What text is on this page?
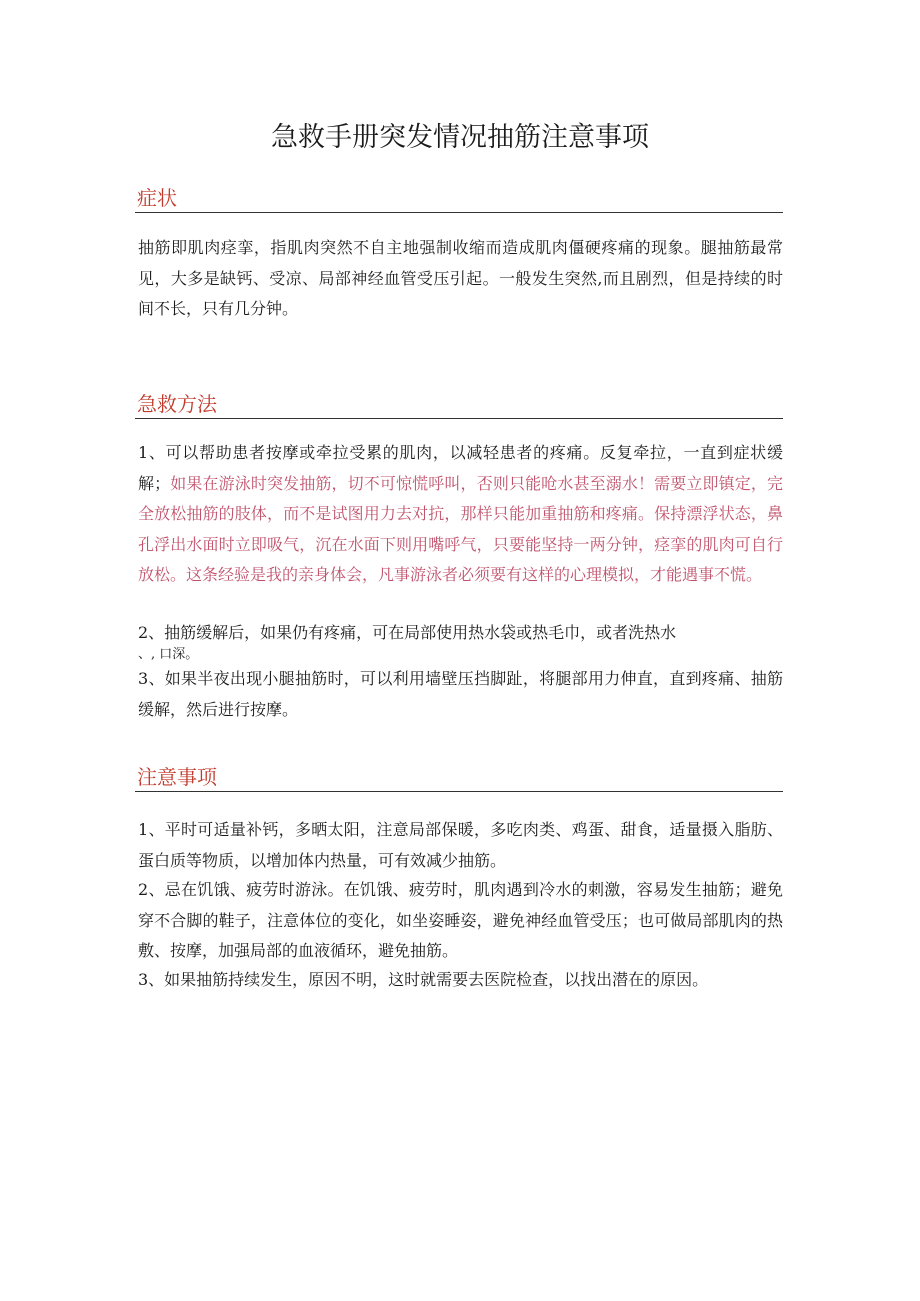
急救手册突发情况抽筋注意事项
症状

抽筋即肌肉痉挛，指肌肉突然不自主地强制收缩而造成肌肉僵硬疼痛的现象。腿抽筋最常见，大多是缺钙、受凉、局部神经血管受压引起。一般发生突然,而且剧烈，但是持续的时间不长，只有几分钟。

急救方法

1、可以帮助患者按摩或牵拉受累的肌肉，以减轻患者的疼痛。反复牵拉，一直到症状缓解；如果在游泳时突发抽筋，切不可惊慌呼叫，否则只能呛水甚至溺水！需要立即镇定，完全放松抽筋的肢体，而不是试图用力去对抗，那样只能加重抽筋和疼痛。保持漂浮状态，鼻孔浮出水面时立即吸气，沉在水面下则用嘴呼气，只要能坚持一两分钟，痉挛的肌肉可自行放松。这条经验是我的亲身体会，凡事游泳者必须要有这样的心理模拟，才能遇事不慌。

2、抽筋缓解后，如果仍有疼痛，可在局部使用热水袋或热毛巾，或者洗热水

、, 口深。

3、如果半夜出现小腿抽筋时，可以利用墙壁压挡脚趾，将腿部用力伸直，直到疼痛、抽筋缓解，然后进行按摩。

注意事项

1、平时可适量补钙，多晒太阳，注意局部保暖，多吃肉类、鸡蛋、甜食，适量摄入脂肪、蛋白质等物质，以增加体内热量，可有效减少抽筋。

2、忌在饥饿、疲劳时游泳。在饥饿、疲劳时，肌肉遇到冷水的刺激，容易发生抽筋；避免穿不合脚的鞋子，注意体位的变化，如坐姿睡姿，避免神经血管受压；也可做局部肌肉的热敷、按摩，加强局部的血液循环，避免抽筋。

3、如果抽筋持续发生，原因不明，这时就需要去医院检查，以找出潜在的原因。
